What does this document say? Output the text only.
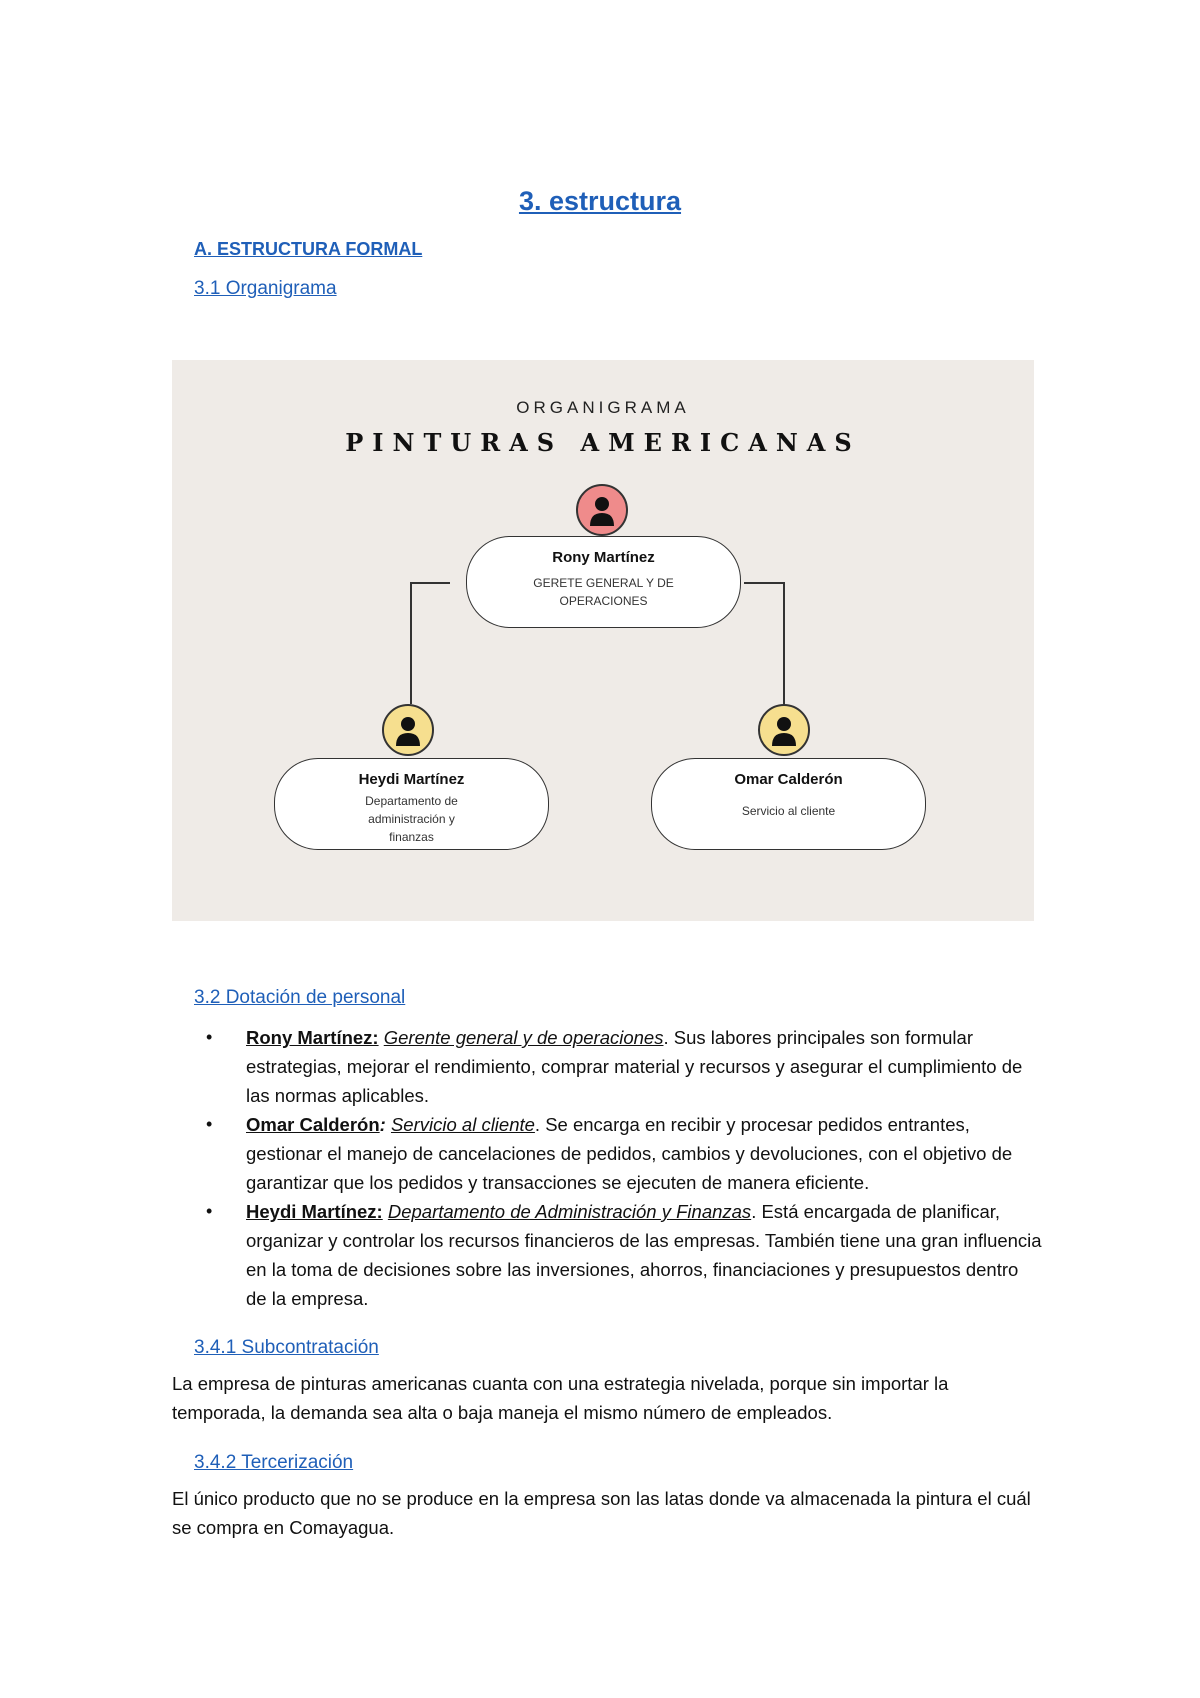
3. estructura
A. ESTRUCTURA FORMAL
3.1 Organigrama
ORGANIGRAMA
PINTURAS AMERICANAS
Rony Martínez
GERETE GENERAL Y DE OPERACIONES
Heydi Martínez
Departamento de administración y finanzas
Omar Calderón
Servicio al cliente
3.2 Dotación de personal
• Rony Martínez: Gerente general y de operaciones. Sus labores principales son formular estrategias, mejorar el rendimiento, comprar material y recursos y asegurar el cumplimiento de las normas aplicables.
• Omar Calderón: Servicio al cliente. Se encarga en recibir y procesar pedidos entrantes, gestionar el manejo de cancelaciones de pedidos, cambios y devoluciones, con el objetivo de garantizar que los pedidos y transacciones se ejecuten de manera eficiente.
• Heydi Martínez: Departamento de Administración y Finanzas. Está encargada de planificar, organizar y controlar los recursos financieros de las empresas. También tiene una gran influencia en la toma de decisiones sobre las inversiones, ahorros, financiaciones y presupuestos dentro de la empresa.
3.4.1 Subcontratación

La empresa de pinturas americanas cuanta con una estrategia nivelada, porque sin importar la temporada, la demanda sea alta o baja maneja el mismo número de empleados.

3.4.2 Tercerización

El único producto que no se produce en la empresa son las latas donde va almacenada la pintura el cuál se compra en Comayagua.
